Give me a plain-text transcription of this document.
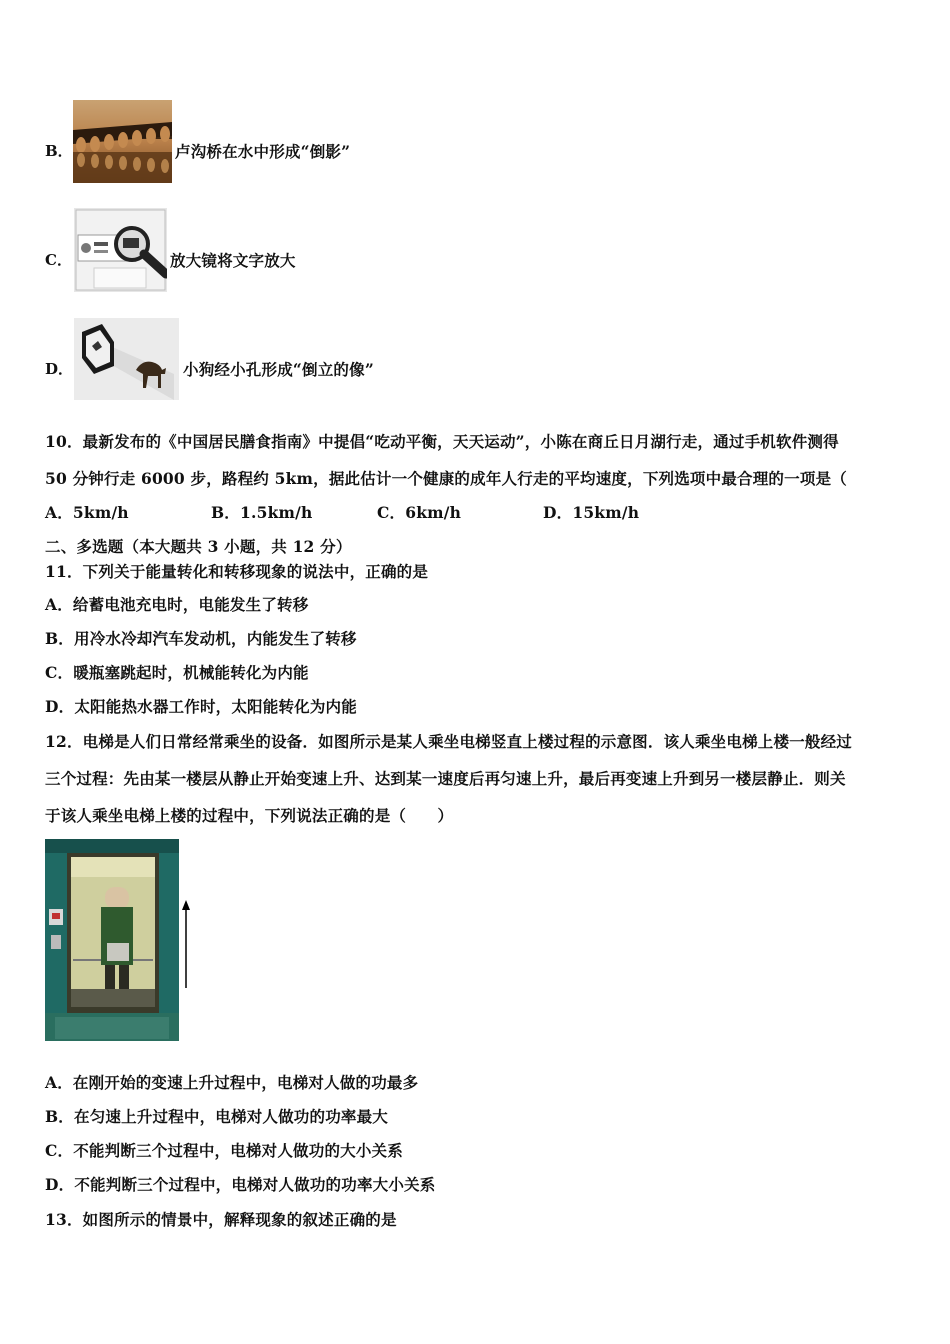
B．	卢沟桥在水中形成“倒影”
C．	放大镜将文字放大
D．	小狗经小孔形成“倒立的像”
10．最新发布的《中国居民膳食指南》中提倡“吃动平衡，天天运动”，小陈在商丘日月湖行走，通过手机软件测得
50 分钟行走 6000 步，路程约 5km，据此估计一个健康的成年人行走的平均速度，下列选项中最合理的一项是（
A．5km/h	B．1.5km/h	C．6km/h	D．15km/h
二、多选题（本大题共 3 小题，共 12 分）
11．下列关于能量转化和转移现象的说法中，正确的是
A．给蓄电池充电时，电能发生了转移
B．用冷水冷却汽车发动机，内能发生了转移
C．暖瓶塞跳起时，机械能转化为内能
D．太阳能热水器工作时，太阳能转化为内能
12．电梯是人们日常经常乘坐的设备．如图所示是某人乘坐电梯竖直上楼过程的示意图．该人乘坐电梯上楼一般经过
三个过程：先由某一楼层从静止开始变速上升、达到某一速度后再匀速上升，最后再变速上升到另一楼层静止．则关
于该人乘坐电梯上楼的过程中，下列说法正确的是（　　）
A．在刚开始的变速上升过程中，电梯对人做的功最多
B．在匀速上升过程中，电梯对人做功的功率最大
C．不能判断三个过程中，电梯对人做功的大小关系
D．不能判断三个过程中，电梯对人做功的功率大小关系
13．如图所示的情景中，解释现象的叙述正确的是
